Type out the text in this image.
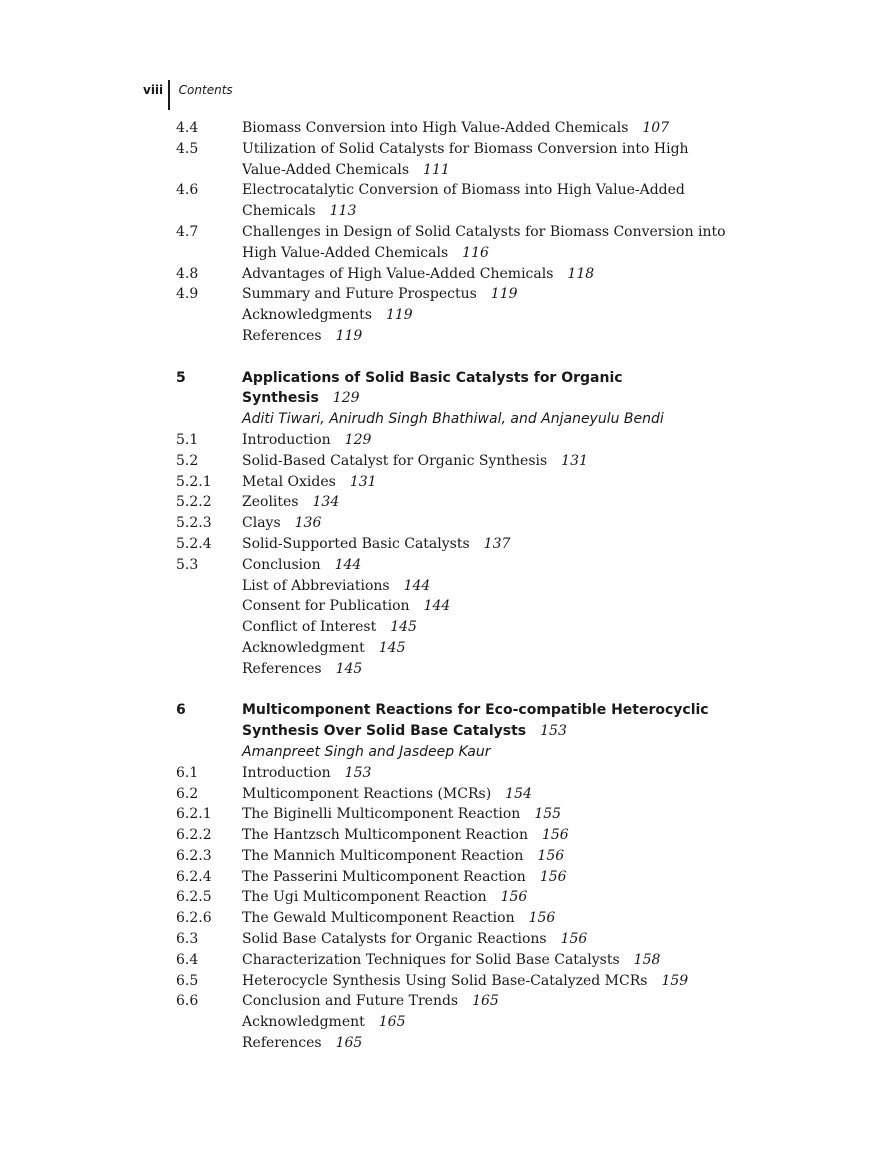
viii	Contents
4.4	Biomass Conversion into High Value-Added Chemicals 107
4.5	Utilization of Solid Catalysts for Biomass Conversion into High Value-Added Chemicals 111
4.6	Electrocatalytic Conversion of Biomass into High Value-Added Chemicals 113
4.7	Challenges in Design of Solid Catalysts for Biomass Conversion into High Value-Added Chemicals 116
4.8	Advantages of High Value-Added Chemicals 118
4.9	Summary and Future Prospectus 119
Acknowledgments 119
References 119
5	Applications of Solid Basic Catalysts for Organic Synthesis 129
Aditi Tiwari, Anirudh Singh Bhathiwal, and Anjaneyulu Bendi
5.1	Introduction 129
5.2	Solid-Based Catalyst for Organic Synthesis 131
5.2.1	Metal Oxides 131
5.2.2	Zeolites 134
5.2.3	Clays 136
5.2.4	Solid-Supported Basic Catalysts 137
5.3	Conclusion 144
List of Abbreviations 144
Consent for Publication 144
Conflict of Interest 145
Acknowledgment 145
References 145
6	Multicomponent Reactions for Eco-compatible Heterocyclic Synthesis Over Solid Base Catalysts 153
Amanpreet Singh and Jasdeep Kaur
6.1	Introduction 153
6.2	Multicomponent Reactions (MCRs) 154
6.2.1	The Biginelli Multicomponent Reaction 155
6.2.2	The Hantzsch Multicomponent Reaction 156
6.2.3	The Mannich Multicomponent Reaction 156
6.2.4	The Passerini Multicomponent Reaction 156
6.2.5	The Ugi Multicomponent Reaction 156
6.2.6	The Gewald Multicomponent Reaction 156
6.3	Solid Base Catalysts for Organic Reactions 156
6.4	Characterization Techniques for Solid Base Catalysts 158
6.5	Heterocycle Synthesis Using Solid Base-Catalyzed MCRs 159
6.6	Conclusion and Future Trends 165
Acknowledgment 165
References 165
